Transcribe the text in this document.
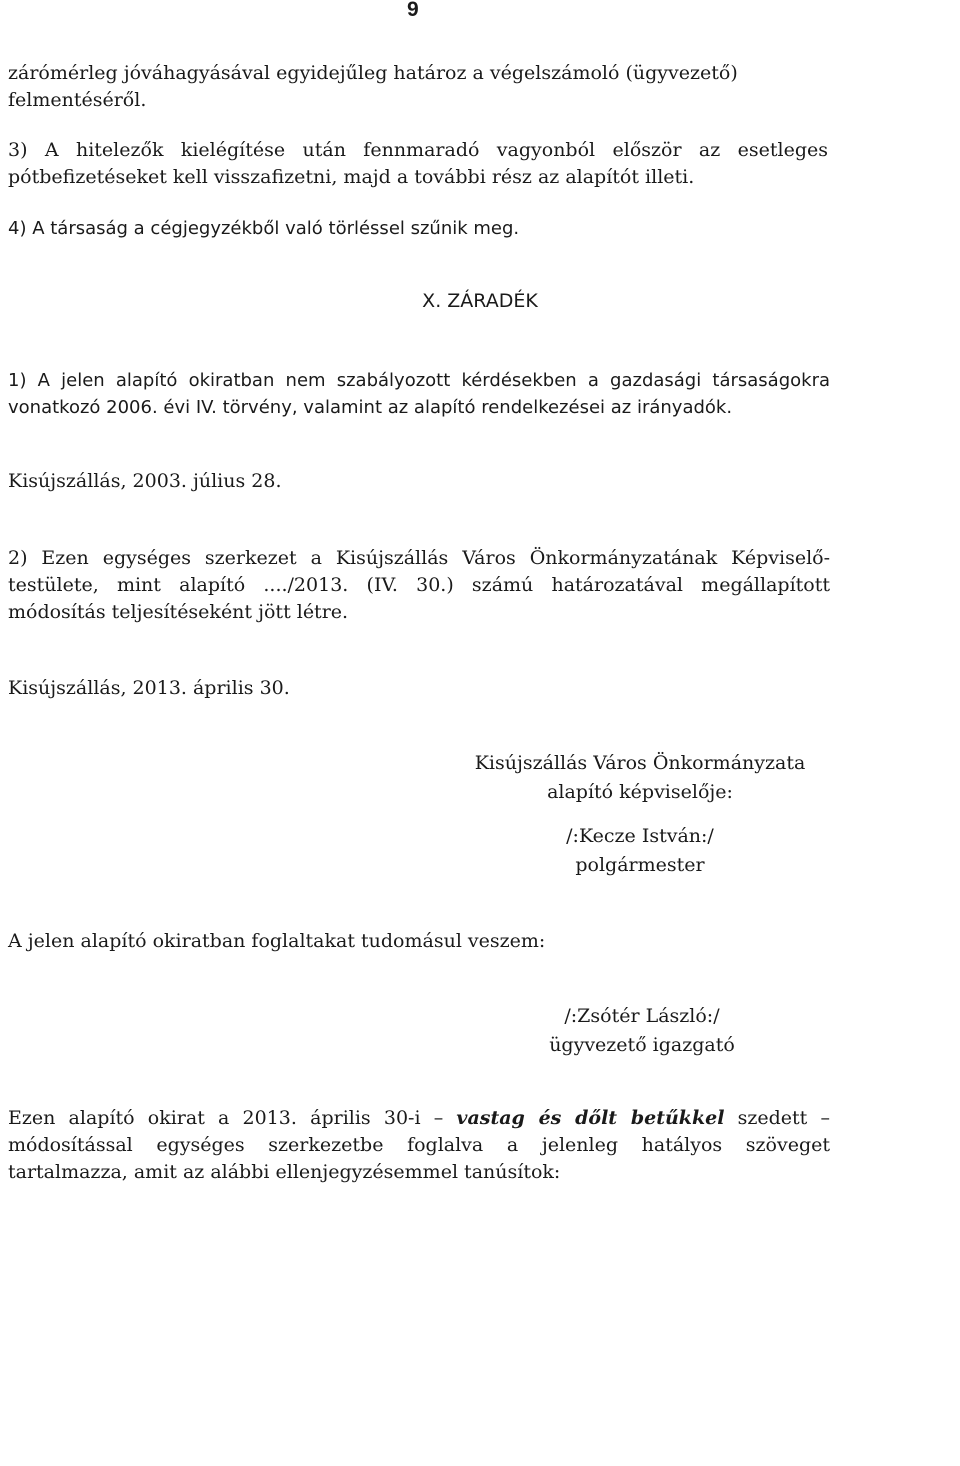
9

zárómérleg jóváhagyásával egyidejűleg határoz a végelszámoló (ügyvezető)
felmentéséről.

3) A hitelezők kielégítése után fennmaradó vagyonból először az esetleges pótbefizetéseket kell visszafizetni, majd a további rész az alapítót illeti.

4) A társaság a cégjegyzékből való törléssel szűnik meg.

X. ZÁRADÉK

1) A jelen alapító okiratban nem szabályozott kérdésekben a gazdasági társaságokra vonatkozó 2006. évi IV. törvény, valamint az alapító rendelkezései az irányadók.

Kisújszállás, 2003. július 28.

2) Ezen egységes szerkezet a Kisújszállás Város Önkormányzatának Képviselő-testülete, mint alapító ..../2013. (IV. 30.) számú határozatával megállapított módosítás teljesítéseként jött létre.

Kisújszállás, 2013. április 30.

Kisújszállás Város Önkormányzata
alapító képviselője:
/:Kecze István:/
polgármester

A jelen alapító okiratban foglaltakat tudomásul veszem:

/:Zsótér László:/
ügyvezető igazgató

Ezen alapító okirat a 2013. április 30-i – vastag és dőlt betűkkel szedett – módosítással egységes szerkezetbe foglalva a jelenleg hatályos szöveget tartalmazza, amit az alábbi ellenjegyzésemmel tanúsítok:
